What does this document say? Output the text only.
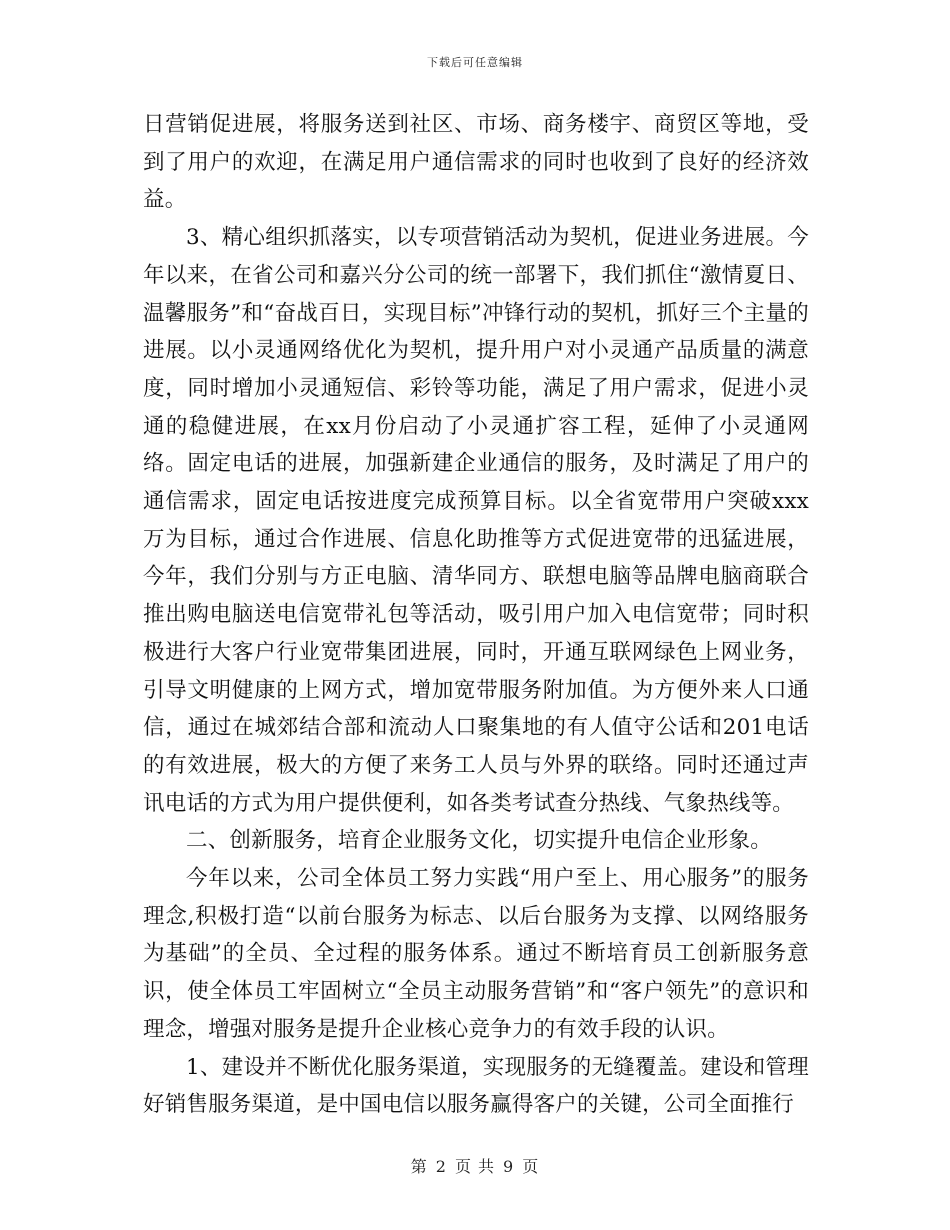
下载后可任意编辑

日营销促进展，将服务送到社区、市场、商务楼宇、商贸区等地，受到了用户的欢迎，在满足用户通信需求的同时也收到了良好的经济效益。

3、精心组织抓落实，以专项营销活动为契机，促进业务进展。今年以来，在省公司和嘉兴分公司的统一部署下，我们抓住“激情夏日、温馨服务”和“奋战百日，实现目标”冲锋行动的契机，抓好三个主量的进展。以小灵通网络优化为契机，提升用户对小灵通产品质量的满意度，同时增加小灵通短信、彩铃等功能，满足了用户需求，促进小灵通的稳健进展，在xx月份启动了小灵通扩容工程，延伸了小灵通网络。固定电话的进展，加强新建企业通信的服务，及时满足了用户的通信需求，固定电话按进度完成预算目标。以全省宽带用户突破xxx万为目标，通过合作进展、信息化助推等方式促进宽带的迅猛进展，今年，我们分别与方正电脑、清华同方、联想电脑等品牌电脑商联合推出购电脑送电信宽带礼包等活动，吸引用户加入电信宽带；同时积极进行大客户行业宽带集团进展，同时，开通互联网绿色上网业务，引导文明健康的上网方式，增加宽带服务附加值。为方便外来人口通信，通过在城郊结合部和流动人口聚集地的有人值守公话和201电话的有效进展，极大的方便了来务工人员与外界的联络。同时还通过声讯电话的方式为用户提供便利，如各类考试查分热线、气象热线等。

二、创新服务，培育企业服务文化，切实提升电信企业形象。

今年以来，公司全体员工努力实践“用户至上、用心服务”的服务理念,积极打造“以前台服务为标志、以后台服务为支撑、以网络服务为基础”的全员、全过程的服务体系。通过不断培育员工创新服务意识，使全体员工牢固树立“全员主动服务营销”和“客户领先”的意识和理念，增强对服务是提升企业核心竞争力的有效手段的认识。

1、建设并不断优化服务渠道，实现服务的无缝覆盖。建设和管理好销售服务渠道，是中国电信以服务赢得客户的关键，公司全面推行

第 2 页 共 9 页
